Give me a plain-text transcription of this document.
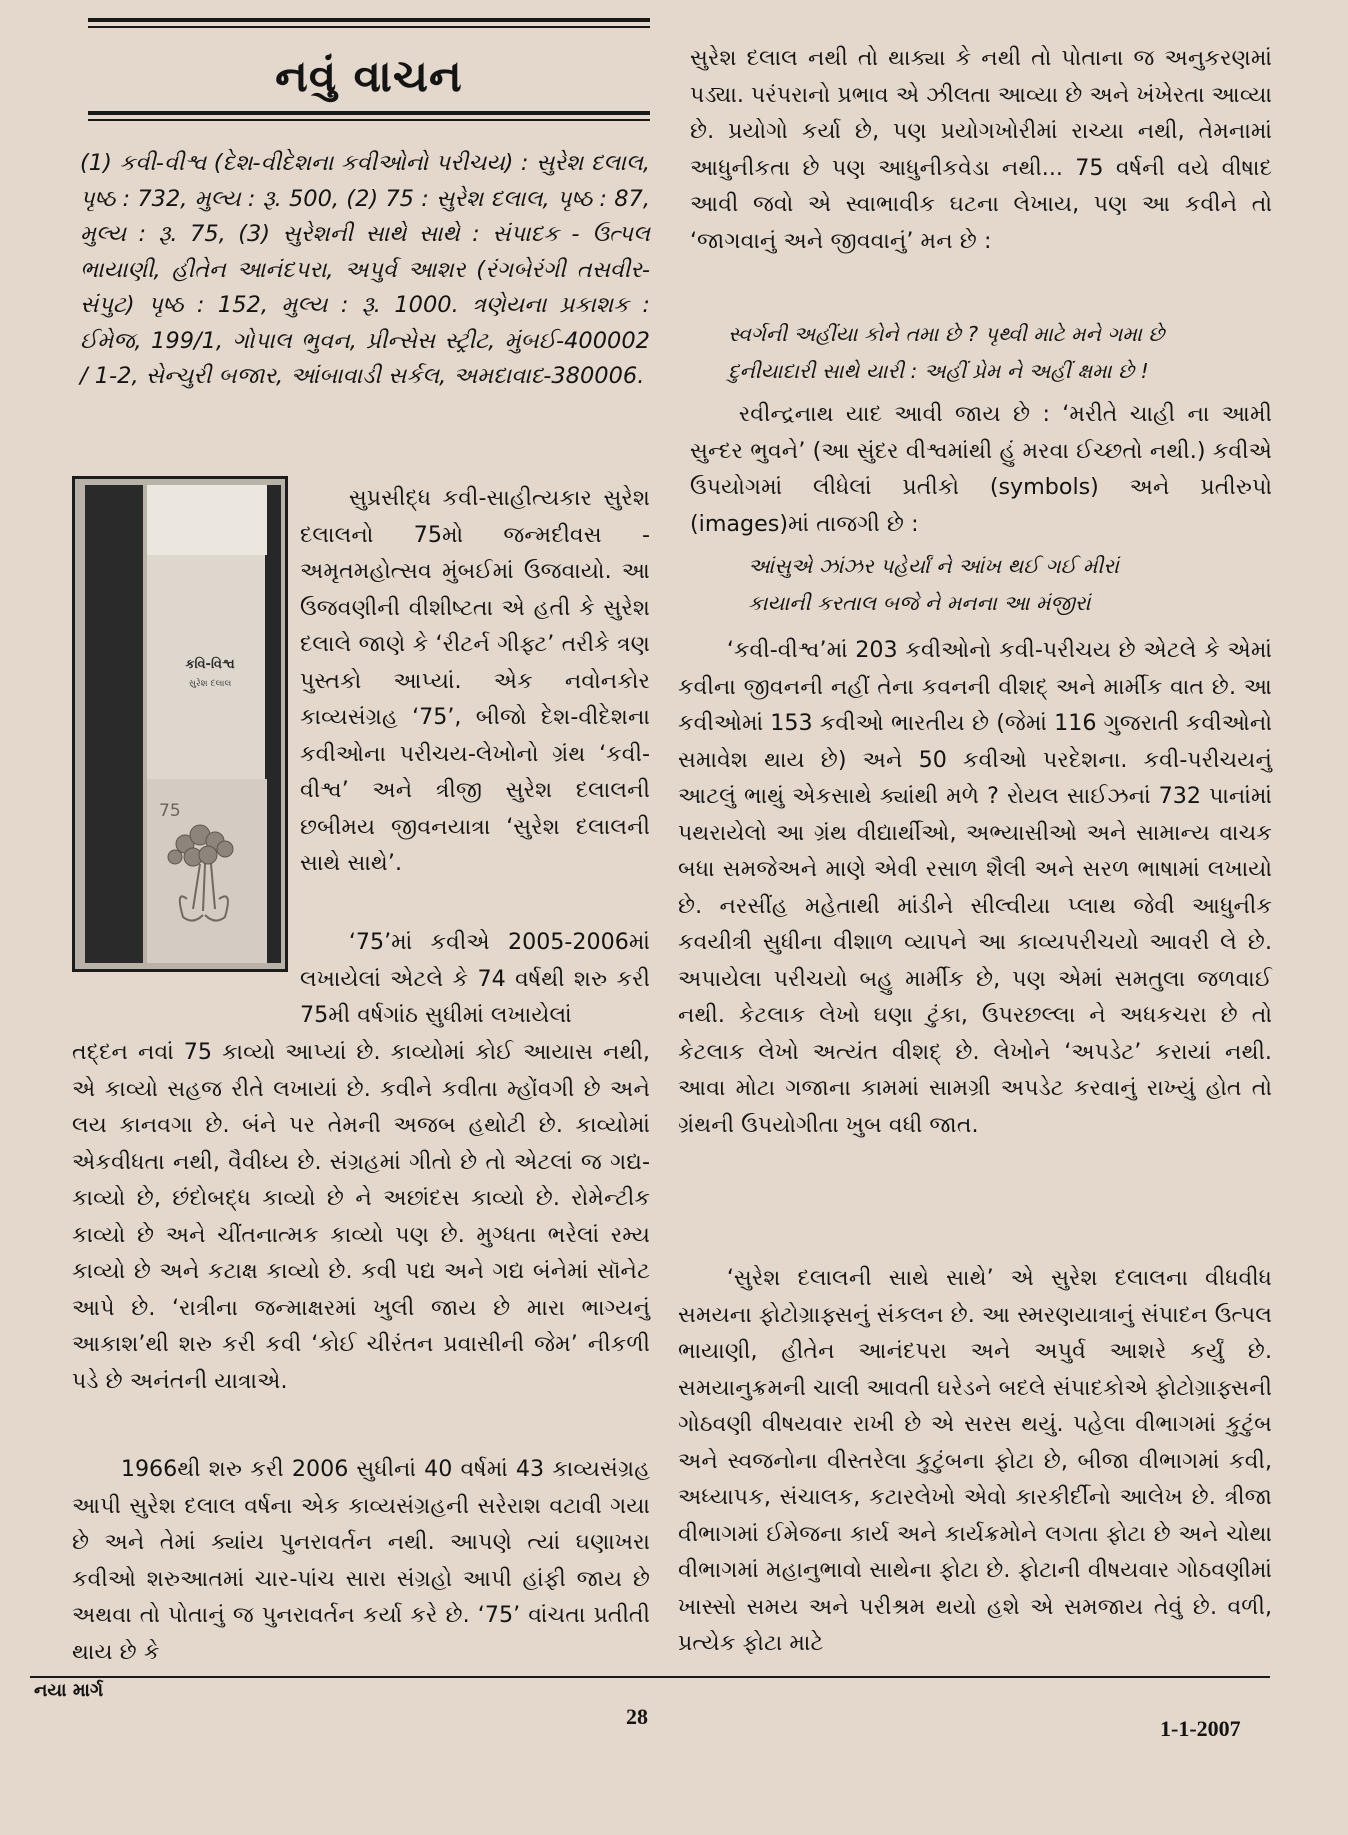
નવું વાચન

(1) કવી-વીશ્વ (દેશ-વીદેશના કવીઓનો પરીચય) : સુરેશ દલાલ, પૃષ્ઠ : 732, મુલ્ય : રૂ. 500, (2) 75 : સુરેશ દલાલ, પૃષ્ઠ : 87, મુલ્ય : રૂ. 75, (3) સુરેશની સાથે સાથે : સંપાદક - ઉત્પલ ભાયાણી, હીતેન આનંદપરા, અપુર્વ આશર (રંગબેરંગી તસવીર-સંપુટ) પૃષ્ઠ : 152, મુલ્ય : રૂ. 1000. ત્રણેયના પ્રકાશક : ઈમેજ, 199/1, ગોપાલ ભુવન, પ્રીન્સેસ સ્ટ્રીટ, મુંબઈ-400002 / 1-2, સેન્ચુરી બજાર, આંબાવાડી સર્કલ, અમદાવાદ-380006.

કવિ-વિશ્વ
સુરેશ દલાલ
75

સુપ્રસીદ્ધ કવી-સાહીત્યકાર સુરેશ દલાલનો 75મો જન્મદીવસ - અમૃતમહોત્સવ મુંબઈમાં ઉજવાયો. આ ઉજવણીની વીશીષ્ટતા એ હતી કે સુરેશ દલાલે જાણે કે ‘રીટર્ન ગીફ્ટ’ તરીકે ત્રણ પુસ્તકો આપ્યાં. એક નવોનકોર કાવ્યસંગ્રહ ‘75’, બીજો દેશ-વીદેશના કવીઓના પરીચય-લેખોનો ગ્રંથ ‘કવી-વીશ્વ’ અને ત્રીજી સુરેશ દલાલની છબીમય જીવનયાત્રા ‘સુરેશ દલાલની સાથે સાથે’.

‘75’માં કવીએ 2005-2006માં લખાયેલાં એટલે કે 74 વર્ષથી શરુ કરી 75મી વર્ષગાંઠ સુધીમાં લખાયેલાં

તદ્દન નવાં 75 કાવ્યો આપ્યાં છે. કાવ્યોમાં કોઈ આયાસ નથી, એ કાવ્યો સહજ રીતે લખાયાં છે. કવીને કવીતા મ્હોંવગી છે અને લય કાનવગા છે. બંને પર તેમની અજબ હથોટી છે. કાવ્યોમાં એકવીધતા નથી, વૈવીધ્ય છે. સંગ્રહમાં ગીતો છે તો એટલાં જ ગદ્ય-કાવ્યો છે, છંદોબદ્ધ કાવ્યો છે ને અછાંદસ કાવ્યો છે. રોમેન્ટીક કાવ્યો છે અને ચીંતનાત્મક કાવ્યો પણ છે. મુગ્ધતા ભરેલાં રમ્ય કાવ્યો છે અને કટાક્ષ કાવ્યો છે. કવી પદ્ય અને ગદ્ય બંનેમાં સૉનેટ આપે છે. ‘રાત્રીના જન્માક્ષરમાં ખુલી જાય છે મારા ભાગ્યનું આકાશ’થી શરુ કરી કવી ‘કોઈ ચીરંતન પ્રવાસીની જેમ’ નીકળી પડે છે અનંતની યાત્રાએ.

1966થી શરુ કરી 2006 સુધીનાં 40 વર્ષમાં 43 કાવ્યસંગ્રહ આપી સુરેશ દલાલ વર્ષના એક કાવ્યસંગ્રહની સરેરાશ વટાવી ગયા છે અને તેમાં ક્યાંય પુનરાવર્તન નથી. આપણે ત્યાં ઘણાખરા કવીઓ શરુઆતમાં ચાર-પાંચ સારા સંગ્રહો આપી હાંફી જાય છે અથવા તો પોતાનું જ પુનરાવર્તન કર્યા કરે છે. ‘75’ વાંચતા પ્રતીતી થાય છે કે

સુરેશ દલાલ નથી તો થાક્યા કે નથી તો પોતાના જ અનુકરણમાં પડ્યા. પરંપરાનો પ્રભાવ એ ઝીલતા આવ્યા છે અને ખંખેરતા આવ્યા છે. પ્રયોગો કર્યા છે, પણ પ્રયોગખોરીમાં રાચ્યા નથી, તેમનામાં આધુનીકતા છે પણ આધુનીકવેડા નથી... 75 વર્ષની વયે વીષાદ આવી જવો એ સ્વાભાવીક ઘટના લેખાય, પણ આ કવીને તો ‘જાગવાનું અને જીવવાનું’ મન છે :

સ્વર્ગની અહીંયા કોને તમા છે ? પૃથ્વી માટે મને ગમા છે
દુનીયાદારી સાથે યારી : અહીં પ્રેમ ને અહીં ક્ષમા છે !

રવીન્દ્રનાથ યાદ આવી જાય છે : ‘મરીતે ચાહી ના આમી સુન્દર ભુવને’ (આ સુંદર વીશ્વમાંથી હું મરવા ઈચ્છતો નથી.) કવીએ ઉપયોગમાં લીધેલાં પ્રતીકો (symbols) અને પ્રતીરુપો (images)માં તાજગી છે :

આંસુએ ઝાંઝર પહેર્યાં ને આંખ થઈ ગઈ મીરાં
કાયાની કરતાલ બજે ને મનના આ મંજીરાં

‘કવી-વીશ્વ’માં 203 કવીઓનો કવી-પરીચય છે એટલે કે એમાં કવીના જીવનની નહીં તેના કવનની વીશદ્ અને માર્મીક વાત છે. આ કવીઓમાં 153 કવીઓ ભારતીય છે (જેમાં 116 ગુજરાતી કવીઓનો સમાવેશ થાય છે) અને 50 કવીઓ પરદેશના. કવી-પરીચયનું આટલું ભાથું એકસાથે ક્યાંથી મળે ? રોયલ સાઈઝનાં 732 પાનાંમાં પથરાયેલો આ ગ્રંથ વીદ્યાર્થીઓ, અભ્યાસીઓ અને સામાન્ય વાચક બધા સમજેઅને માણે એવી રસાળ શૈલી અને સરળ ભાષામાં લખાયો છે. નરસીંહ મહેતાથી માંડીને સીલ્વીયા પ્લાથ જેવી આધુનીક કવયીત્રી સુધીના વીશાળ વ્યાપને આ કાવ્યપરીચયો આવરી લે છે. અપાયેલા પરીચયો બહુ માર્મીક છે, પણ એમાં સમતુલા જળવાઈ નથી. કેટલાક લેખો ઘણા ટુંકા, ઉપરછલ્લા ને અધકચરા છે તો કેટલાક લેખો અત્યંત વીશદ્ છે. લેખોને ‘અપડેટ’ કરાયાં નથી. આવા મોટા ગજાના કામમાં સામગ્રી અપડેટ કરવાનું રાખ્યું હોત તો ગ્રંથની ઉપયોગીતા ખુબ વધી જાત.

‘સુરેશ દલાલની સાથે સાથે’ એ સુરેશ દલાલના વીધવીધ સમયના ફોટોગ્રાફ્સનું સંકલન છે. આ સ્મરણયાત્રાનું સંપાદન ઉત્પલ ભાયાણી, હીતેન આનંદપરા અને અપુર્વ આશરે કર્યું છે. સમયાનુક્રમની ચાલી આવતી ઘરેડને બદલે સંપાદકોએ ફોટોગ્રાફ્સની ગોઠવણી વીષયવાર રાખી છે એ સરસ થયું. પહેલા વીભાગમાં કુટુંબ અને સ્વજનોના વીસ્તરેલા કુટુંબના ફોટા છે, બીજા વીભાગમાં કવી, અધ્યાપક, સંચાલક, કટારલેખો એવો કારકીર્દીનો આલેખ છે. ત્રીજા વીભાગમાં ઈમેજના કાર્ય અને કાર્યક્રમોને લગતા ફોટા છે અને ચોથા વીભાગમાં મહાનુભાવો સાથેના ફોટા છે. ફોટાની વીષયવાર ગોઠવણીમાં ખાસ્સો સમય અને પરીશ્રમ થયો હશે એ સમજાય તેવું છે. વળી, પ્રત્યેક ફોટા માટે

નયા માર્ગ
28	1-1-2007
